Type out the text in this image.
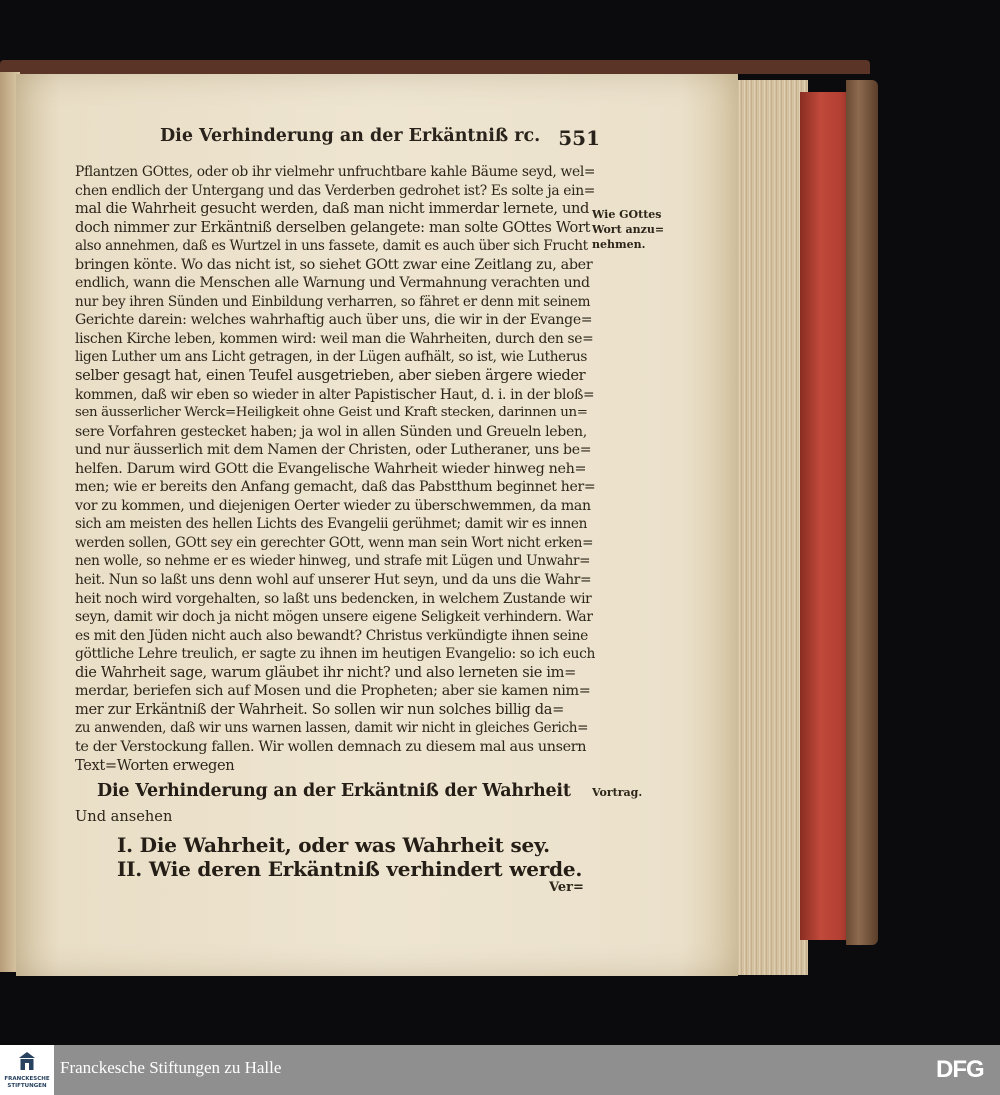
Die Verhinderung an der Erkäntniß rc. 551
Pflantzen GOttes, oder ob ihr vielmehr unfruchtbare kahle Bäume seyd, wel=
chen endlich der Untergang und das Verderben gedrohet ist? Es solte ja ein=
mal die Wahrheit gesucht werden, daß man nicht immerdar lernete, und
doch nimmer zur Erkäntniß derselben gelangete: man solte GOttes Wort
also annehmen, daß es Wurtzel in uns fassete, damit es auch über sich Frucht
bringen könte. Wo das nicht ist, so siehet GOtt zwar eine Zeitlang zu, aber
endlich, wann die Menschen alle Warnung und Vermahnung verachten und
nur bey ihren Sünden und Einbildung verharren, so fähret er denn mit seinem
Gerichte darein: welches wahrhaftig auch über uns, die wir in der Evange=
lischen Kirche leben, kommen wird: weil man die Wahrheiten, durch den se=
ligen Luther um ans Licht getragen, in der Lügen aufhält, so ist, wie Lutherus
selber gesagt hat, einen Teufel ausgetrieben, aber sieben ärgere wieder
kommen, daß wir eben so wieder in alter Papistischer Haut, d. i. in der bloß=
sen äusserlicher Werck=Heiligkeit ohne Geist und Kraft stecken, darinnen un=
sere Vorfahren gestecket haben; ja wol in allen Sünden und Greueln leben,
und nur äusserlich mit dem Namen der Christen, oder Lutheraner, uns be=
helfen. Darum wird GOtt die Evangelische Wahrheit wieder hinweg neh=
men; wie er bereits den Anfang gemacht, daß das Pabstthum beginnet her=
vor zu kommen, und diejenigen Oerter wieder zu überschwemmen, da man
sich am meisten des hellen Lichts des Evangelii gerühmet; damit wir es innen
werden sollen, GOtt sey ein gerechter GOtt, wenn man sein Wort nicht erken=
nen wolle, so nehme er es wieder hinweg, und strafe mit Lügen und Unwahr=
heit. Nun so laßt uns denn wohl auf unserer Hut seyn, und da uns die Wahr=
heit noch wird vorgehalten, so laßt uns bedencken, in welchem Zustande wir
seyn, damit wir doch ja nicht mögen unsere eigene Seligkeit verhindern. War
es mit den Jüden nicht auch also bewandt? Christus verkündigte ihnen seine
göttliche Lehre treulich, er sagte zu ihnen im heutigen Evangelio: so ich euch
die Wahrheit sage, warum gläubet ihr nicht? und also lerneten sie im=
merdar, beriefen sich auf Mosen und die Propheten; aber sie kamen nim=
mer zur Erkäntniß der Wahrheit. So sollen wir nun solches billig da=
zu anwenden, daß wir uns warnen lassen, damit wir nicht in gleiches Gerich=
te der Verstockung fallen. Wir wollen demnach zu diesem mal aus unsern
Text=Worten erwegen
Wie GOttes
Wort anzu=
nehmen.
Die Verhinderung an der Erkäntniß der Wahrheit Vortrag.
Und ansehen
I. Die Wahrheit, oder was Wahrheit sey.
II. Wie deren Erkäntniß verhindert werde.
Ver=
FRANCKESCHE
STIFTUNGEN
Franckesche Stiftungen zu Halle	DFG
